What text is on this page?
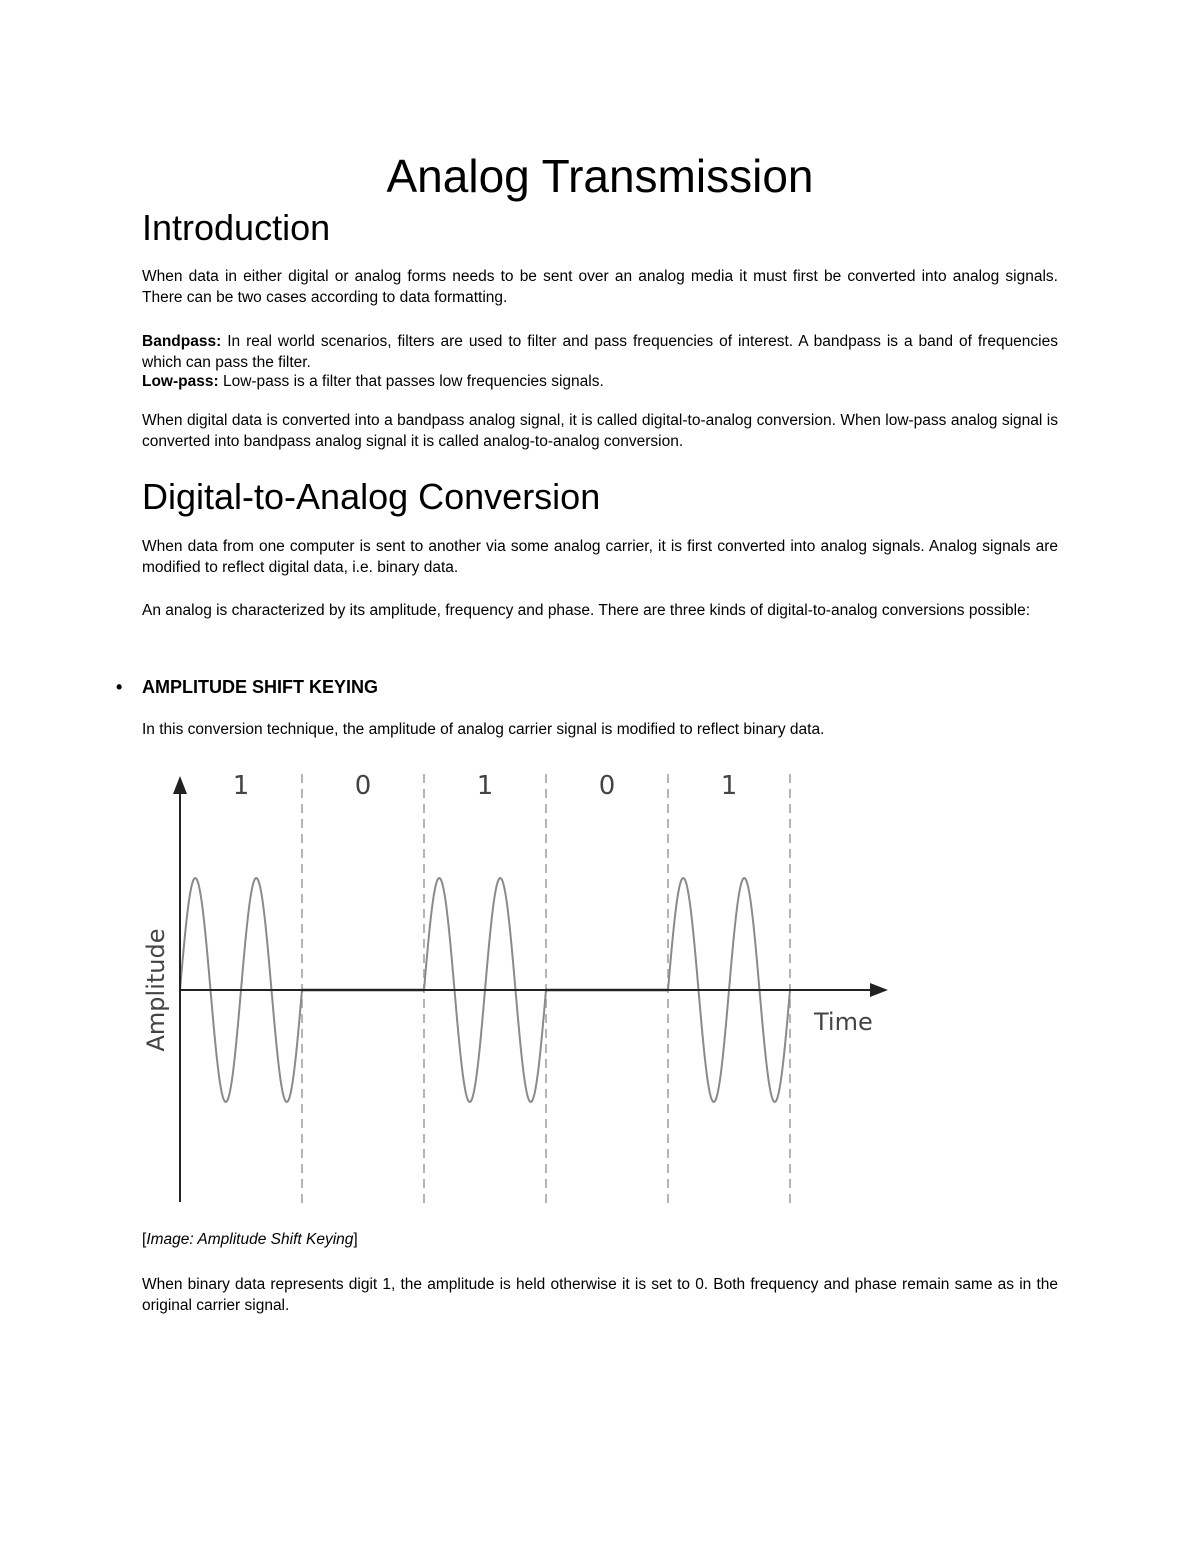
Analog Transmission
Introduction

When data in either digital or analog forms needs to be sent over an analog media it must first be converted into analog signals. There can be two cases according to data formatting.

Bandpass: In real world scenarios, filters are used to filter and pass frequencies of interest. A bandpass is a band of frequencies which can pass the filter.

Low-pass: Low-pass is a filter that passes low frequencies signals.

When digital data is converted into a bandpass analog signal, it is called digital-to-analog conversion. When low-pass analog signal is converted into bandpass analog signal it is called analog-to-analog conversion.

Digital-to-Analog Conversion

When data from one computer is sent to another via some analog carrier, it is first converted into analog signals. Analog signals are modified to reflect digital data, i.e. binary data.

An analog is characterized by its amplitude, frequency and phase. There are three kinds of digital-to-analog conversions possible:

• AMPLITUDE SHIFT KEYING

In this conversion technique, the amplitude of analog carrier signal is modified to reflect binary data.

[Image: Amplitude Shift Keying]

When binary data represents digit 1, the amplitude is held otherwise it is set to 0. Both frequency and phase remain same as in the original carrier signal.

1	0	1	0	1
Time
Amplitude
